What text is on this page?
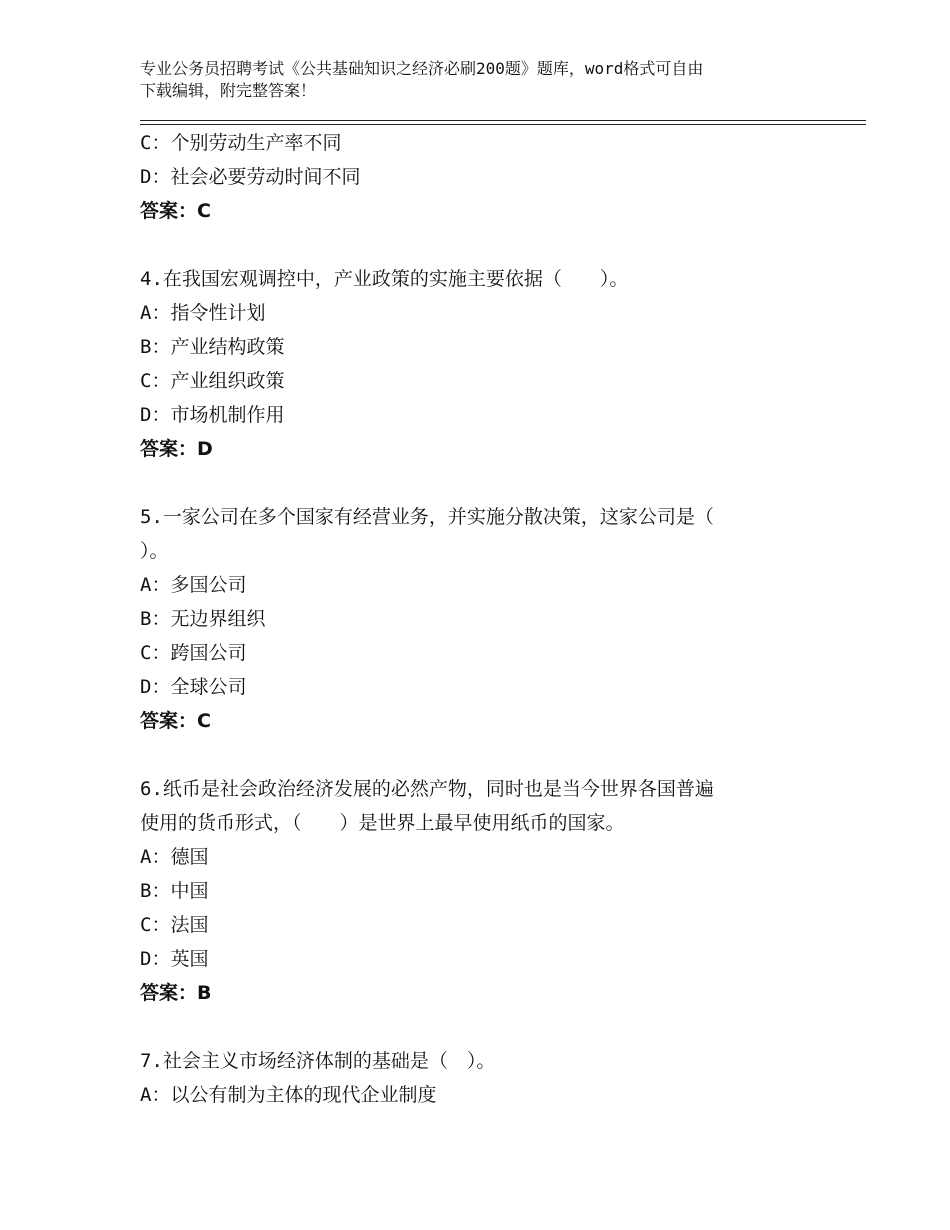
专业公务员招聘考试《公共基础知识之经济必刷200题》题库，word格式可自由
下载编辑，附完整答案！
C：个别劳动生产率不同
D：社会必要劳动时间不同
答案：C
4.在我国宏观调控中，产业政策的实施主要依据（　　）。
A：指令性计划
B：产业结构政策
C：产业组织政策
D：市场机制作用
答案：D
5.一家公司在多个国家有经营业务，并实施分散决策，这家公司是（
）。
A：多国公司
B：无边界组织
C：跨国公司
D：全球公司
答案：C
6.纸币是社会政治经济发展的必然产物，同时也是当今世界各国普遍
使用的货币形式，（　　）是世界上最早使用纸币的国家。
A：德国
B：中国
C：法国
D：英国
答案：B
7.社会主义市场经济体制的基础是（　）。
A：以公有制为主体的现代企业制度
